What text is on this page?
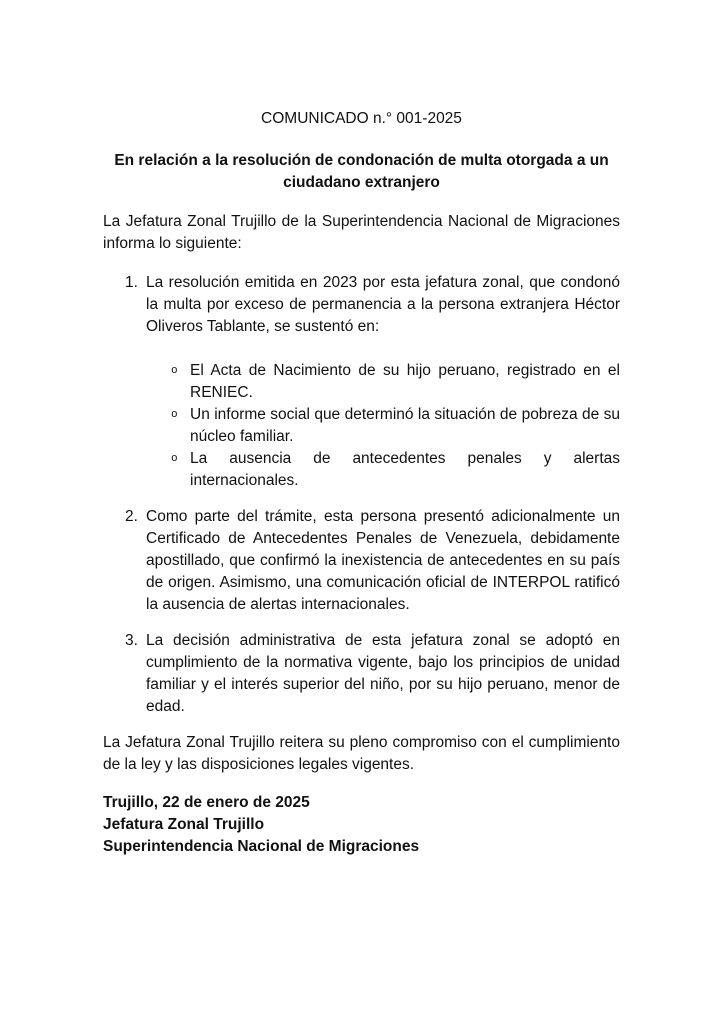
COMUNICADO n.° 001-2025

En relación a la resolución de condonación de multa otorgada a un ciudadano extranjero

La Jefatura Zonal Trujillo de la Superintendencia Nacional de Migraciones informa lo siguiente:

1. La resolución emitida en 2023 por esta jefatura zonal, que condonó la multa por exceso de permanencia a la persona extranjera Héctor Oliveros Tablante, se sustentó en:

o El Acta de Nacimiento de su hijo peruano, registrado en el RENIEC.

o Un informe social que determinó la situación de pobreza de su núcleo familiar.

o La ausencia de antecedentes penales y alertas internacionales.

2. Como parte del trámite, esta persona presentó adicionalmente un Certificado de Antecedentes Penales de Venezuela, debidamente apostillado, que confirmó la inexistencia de antecedentes en su país de origen. Asimismo, una comunicación oficial de INTERPOL ratificó la ausencia de alertas internacionales.

3. La decisión administrativa de esta jefatura zonal se adoptó en cumplimiento de la normativa vigente, bajo los principios de unidad familiar y el interés superior del niño, por su hijo peruano, menor de edad.

La Jefatura Zonal Trujillo reitera su pleno compromiso con el cumplimiento de la ley y las disposiciones legales vigentes.

Trujillo, 22 de enero de 2025

Jefatura Zonal Trujillo

Superintendencia Nacional de Migraciones
